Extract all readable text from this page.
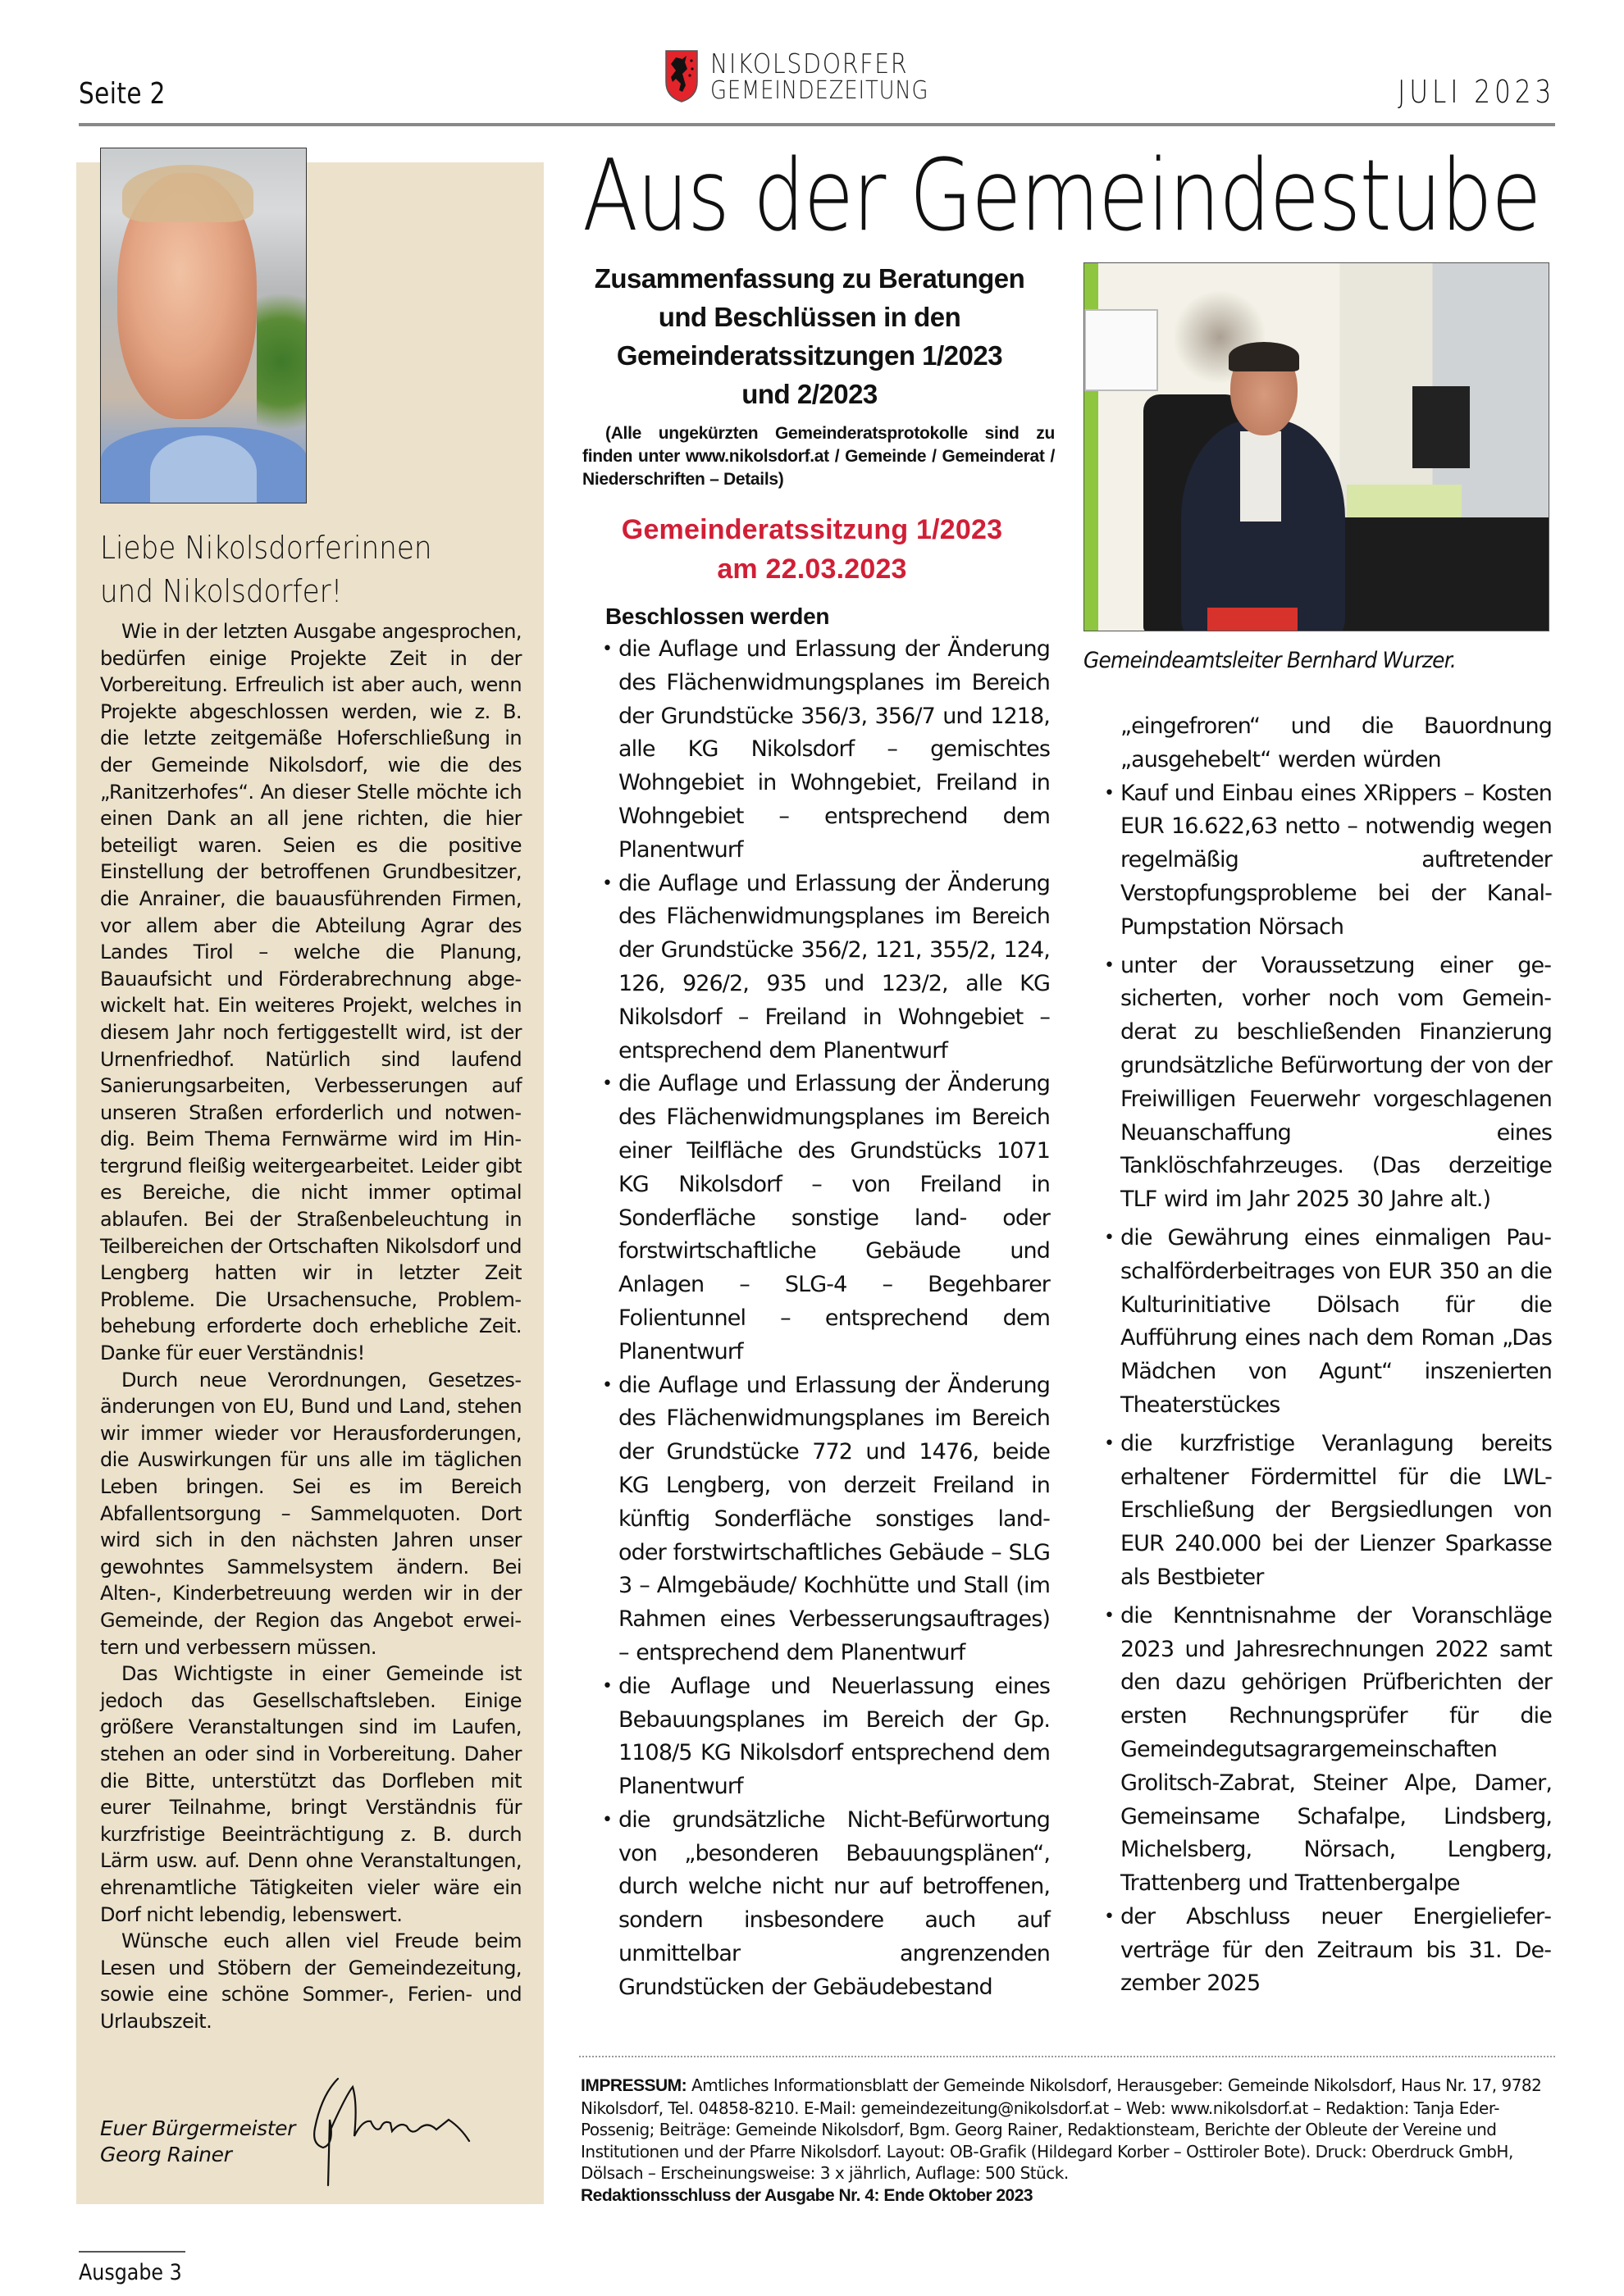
Seite 2
NIKOLSDORFER
GEMEINDEZEITUNG	JULI 2023
Liebe Nikolsdorferinnen
und Nikolsdorfer!

Wie in der letzten Ausgabe angesprochen, bedürfen einige Projekte Zeit in der Vorbereitung. Erfreulich ist aber auch, wenn Projekte abgeschlossen werden, wie z. B. die letzte zeitgemäße Hoferschließung in der Gemeinde Nikolsdorf, wie die des „Ranitzerhofes“. An dieser Stelle möchte ich einen Dank an all jene richten, die hier beteiligt waren. Seien es die positive Einstellung der betroffenen Grundbesitzer, die Anrainer, die bauausführenden Firmen, vor allem aber die Abteilung Agrar des Landes Tirol – welche die Planung, Bauaufsicht und Förderabrechnung abgewickelt hat. Ein weiteres Projekt, welches in diesem Jahr noch fertiggestellt wird, ist der Urnenfriedhof. Natürlich sind laufend Sanierungsarbeiten, Verbesserungen auf unseren Straßen erforderlich und notwendig. Beim Thema Fernwärme wird im Hintergrund fleißig weitergearbeitet. Leider gibt es Bereiche, die nicht immer optimal ablaufen. Bei der Straßenbeleuchtung in Teilbereichen der Ortschaften Nikolsdorf und Lengberg hatten wir in letzter Zeit Probleme. Die Ursachensuche, Problembehebung erforderte doch erhebliche Zeit. Danke für euer Verständnis!

Durch neue Verordnungen, Gesetzesänderungen von EU, Bund und Land, stehen wir immer wieder vor Herausforderungen, die Auswirkungen für uns alle im täglichen Leben bringen. Sei es im Bereich Abfallentsorgung – Sammelquoten. Dort wird sich in den nächsten Jahren unser gewohntes Sammelsystem ändern. Bei Alten-, Kinderbetreuung werden wir in der Gemeinde, der Region das Angebot erweitern und verbessern müssen.

Das Wichtigste in einer Gemeinde ist jedoch das Gesellschaftsleben. Einige größere Veranstaltungen sind im Laufen, stehen an oder sind in Vorbereitung. Daher die Bitte, unterstützt das Dorfleben mit eurer Teilnahme, bringt Verständnis für kurzfristige Beeinträchtigung z. B. durch Lärm usw. auf. Denn ohne Veranstaltungen, ehrenamtliche Tätigkeiten vieler wäre ein Dorf nicht lebendig, lebenswert.

Wünsche euch allen viel Freude beim Lesen und Stöbern der Gemeindezeitung, sowie eine schöne Sommer-, Ferien- und Urlaubszeit.

Euer Bürgermeister
Georg Rainer
Ausgabe 3
Aus der Gemeindestube
Zusammenfassung zu Beratungen
und Beschlüssen in den
Gemeinderatssitzungen 1/2023
und 2/2023
(Alle ungekürzten Gemeinderatsprotokolle sind zu finden unter www.nikolsdorf.at / Gemeinde / Gemeinderat / Niederschriften – Details)
Gemeinderatssitzung 1/2023
am 22.03.2023
Beschlossen werden
• die Auflage und Erlassung der Änderung des Flächenwidmungsplanes im Bereich der Grundstücke 356/3, 356/7 und 1218, alle KG Nikolsdorf – gemischtes Wohngebiet in Wohngebiet, Freiland in Wohngebiet – entsprechend dem Planentwurf
• die Auflage und Erlassung der Änderung des Flächenwidmungsplanes im Bereich der Grundstücke 356/2, 121, 355/2, 124, 126, 926/2, 935 und 123/2, alle KG Nikolsdorf – Freiland in Wohngebiet – entsprechend dem Planentwurf
• die Auflage und Erlassung der Änderung des Flächenwidmungsplanes im Bereich einer Teilfläche des Grundstücks 1071 KG Nikolsdorf – von Freiland in Sonderfläche sonstige land- oder forstwirtschaftliche Gebäude und Anlagen – SLG-4 – Begehbarer Folientunnel – entsprechend dem Planentwurf
• die Auflage und Erlassung der Änderung des Flächenwidmungsplanes im Bereich der Grundstücke 772 und 1476, beide KG Lengberg, von derzeit Freiland in künftig Sonderfläche sonstiges land- oder forstwirtschaftliches Gebäude – SLG 3 – Almgebäude/ Kochhütte und Stall (im Rahmen eines Verbesserungsauftrages) – entsprechend dem Planentwurf
• die Auflage und Neuerlassung eines Bebauungsplanes im Bereich der Gp. 1108/5 KG Nikolsdorf entsprechend dem Planentwurf
• die grundsätzliche Nicht-Befürwortung von „besonderen Bebauungsplänen“, durch welche nicht nur auf betroffenen, sondern insbesondere auch auf unmittelbar angrenzenden Grundstücken der Gebäudebestand
Gemeindeamtsleiter Bernhard Wurzer.
„eingefroren“ und die Bauordnung „ausgehebelt“ werden würden
• Kauf und Einbau eines XRippers – Kosten EUR 16.622,63 netto – notwendig wegen regelmäßig auftretender Verstopfungsprobleme bei der Kanal-Pumpstation Nörsach
• unter der Voraussetzung einer gesicherten, vorher noch vom Gemeinderat zu beschließenden Finanzierung grundsätzliche Befürwortung der von der Freiwilligen Feuerwehr vorgeschlagenen Neuanschaffung eines Tanklöschfahrzeuges. (Das derzeitige TLF wird im Jahr 2025 30 Jahre alt.)
• die Gewährung eines einmaligen Pauschalförderbeitrages von EUR 350 an die Kulturinitiative Dölsach für die Aufführung eines nach dem Roman „Das Mädchen von Agunt“ inszenierten Theaterstückes
• die kurzfristige Veranlagung bereits erhaltener Fördermittel für die LWL-Erschließung der Bergsiedlungen von EUR 240.000 bei der Lienzer Sparkasse als Bestbieter
• die Kenntnisnahme der Voranschläge 2023 und Jahresrechnungen 2022 samt den dazu gehörigen Prüfberichten der ersten Rechnungsprüfer für die Gemeindegutsagrargemeinschaften Grolitsch-Zabrat, Steiner Alpe, Damer, Gemeinsame Schafalpe, Lindsberg, Michelsberg, Nörsach, Lengberg, Trattenberg und Trattenbergalpe
• der Abschluss neuer Energielieferverträge für den Zeitraum bis 31. Dezember 2025
IMPRESSUM: Amtliches Informationsblatt der Gemeinde Nikolsdorf, Herausgeber: Gemeinde Nikolsdorf, Haus Nr. 17, 9782 Nikolsdorf, Tel. 04858-8210. E-Mail: gemeindezeitung@nikolsdorf.at – Web: www.nikolsdorf.at – Redaktion: Tanja Eder-Possenig; Beiträge: Gemeinde Nikolsdorf, Bgm. Georg Rainer, Redaktionsteam, Berichte der Obleute der Vereine und Institutionen und der Pfarre Nikolsdorf. Layout: OB-Grafik (Hildegard Korber – Osttiroler Bote). Druck: Oberdruck GmbH, Dölsach – Erscheinungsweise: 3 x jährlich, Auflage: 500 Stück.
Redaktionsschluss der Ausgabe Nr. 4: Ende Oktober 2023
